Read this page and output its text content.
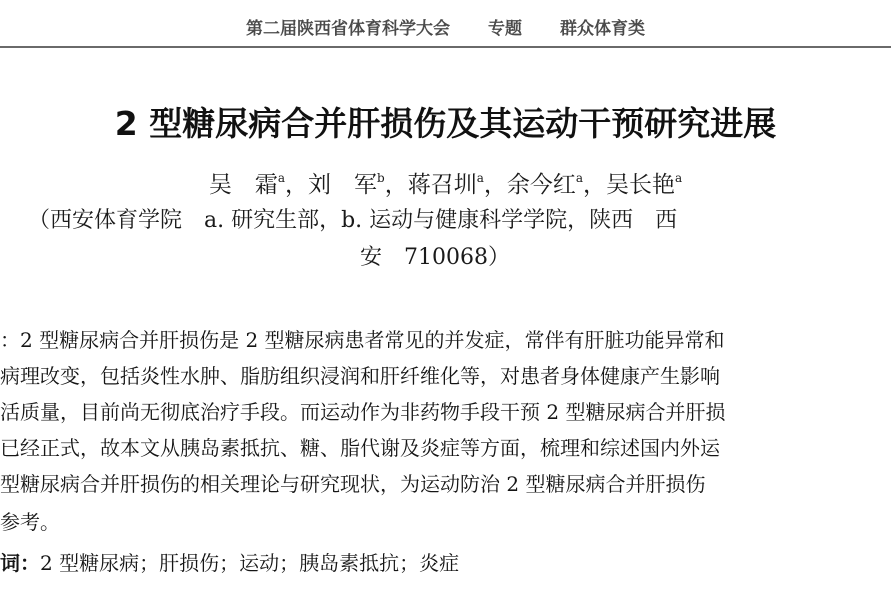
第二届陕西省体育科学大会 专题 群众体育类
2 型糖尿病合并肝损伤及其运动干预研究进展
吴　霜$^a$，刘　军$^b$，蒋召圳$^a$，余今红$^a$，吴长艳$^a$
（西安体育学院　a. 研究生部，b. 运动与健康科学学院，陕西　西
安　710068）
：2 型糖尿病合并肝损伤是 2 型糖尿病患者常见的并发症，常伴有肝脏功能异常和
病理改变，包括炎性水肿、脂肪组织浸润和肝纤维化等，对患者身体健康产生影响
活质量，目前尚无彻底治疗手段。而运动作为非药物手段干预 2 型糖尿病合并肝损
已经正式，故本文从胰岛素抵抗、糖、脂代谢及炎症等方面，梳理和综述国内外运
型糖尿病合并肝损伤的相关理论与研究现状，为运动防治 2 型糖尿病合并肝损伤
参考。
词：2 型糖尿病；肝损伤；运动；胰岛素抵抗；炎症
